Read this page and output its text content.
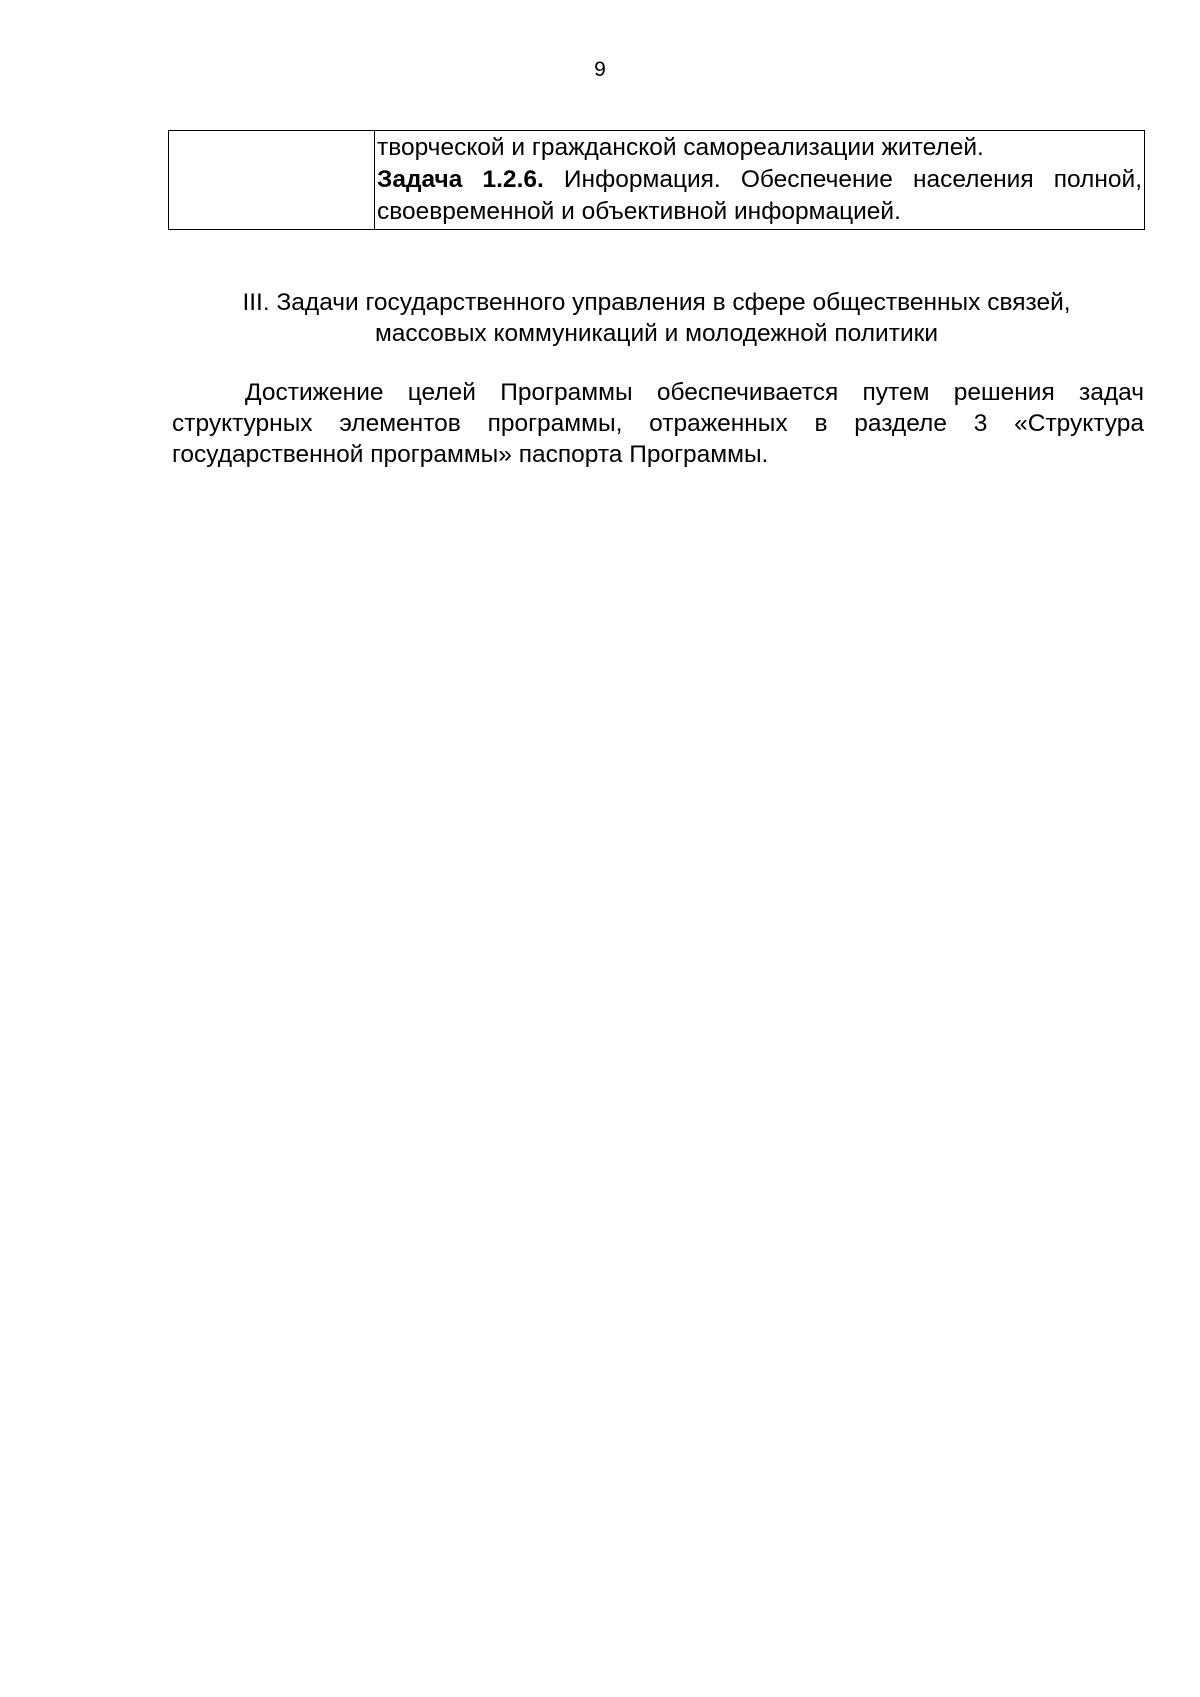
9

творческой и гражданской самореализации жителей.

Задача 1.2.6. Информация. Обеспечение населения полной, своевременной и объективной информацией.

III. Задачи государственного управления в сфере общественных связей,
массовых коммуникаций и молодежной политики

Достижение целей Программы обеспечивается путем решения задач структурных элементов программы, отраженных в разделе 3 «Структура государственной программы» паспорта Программы.
